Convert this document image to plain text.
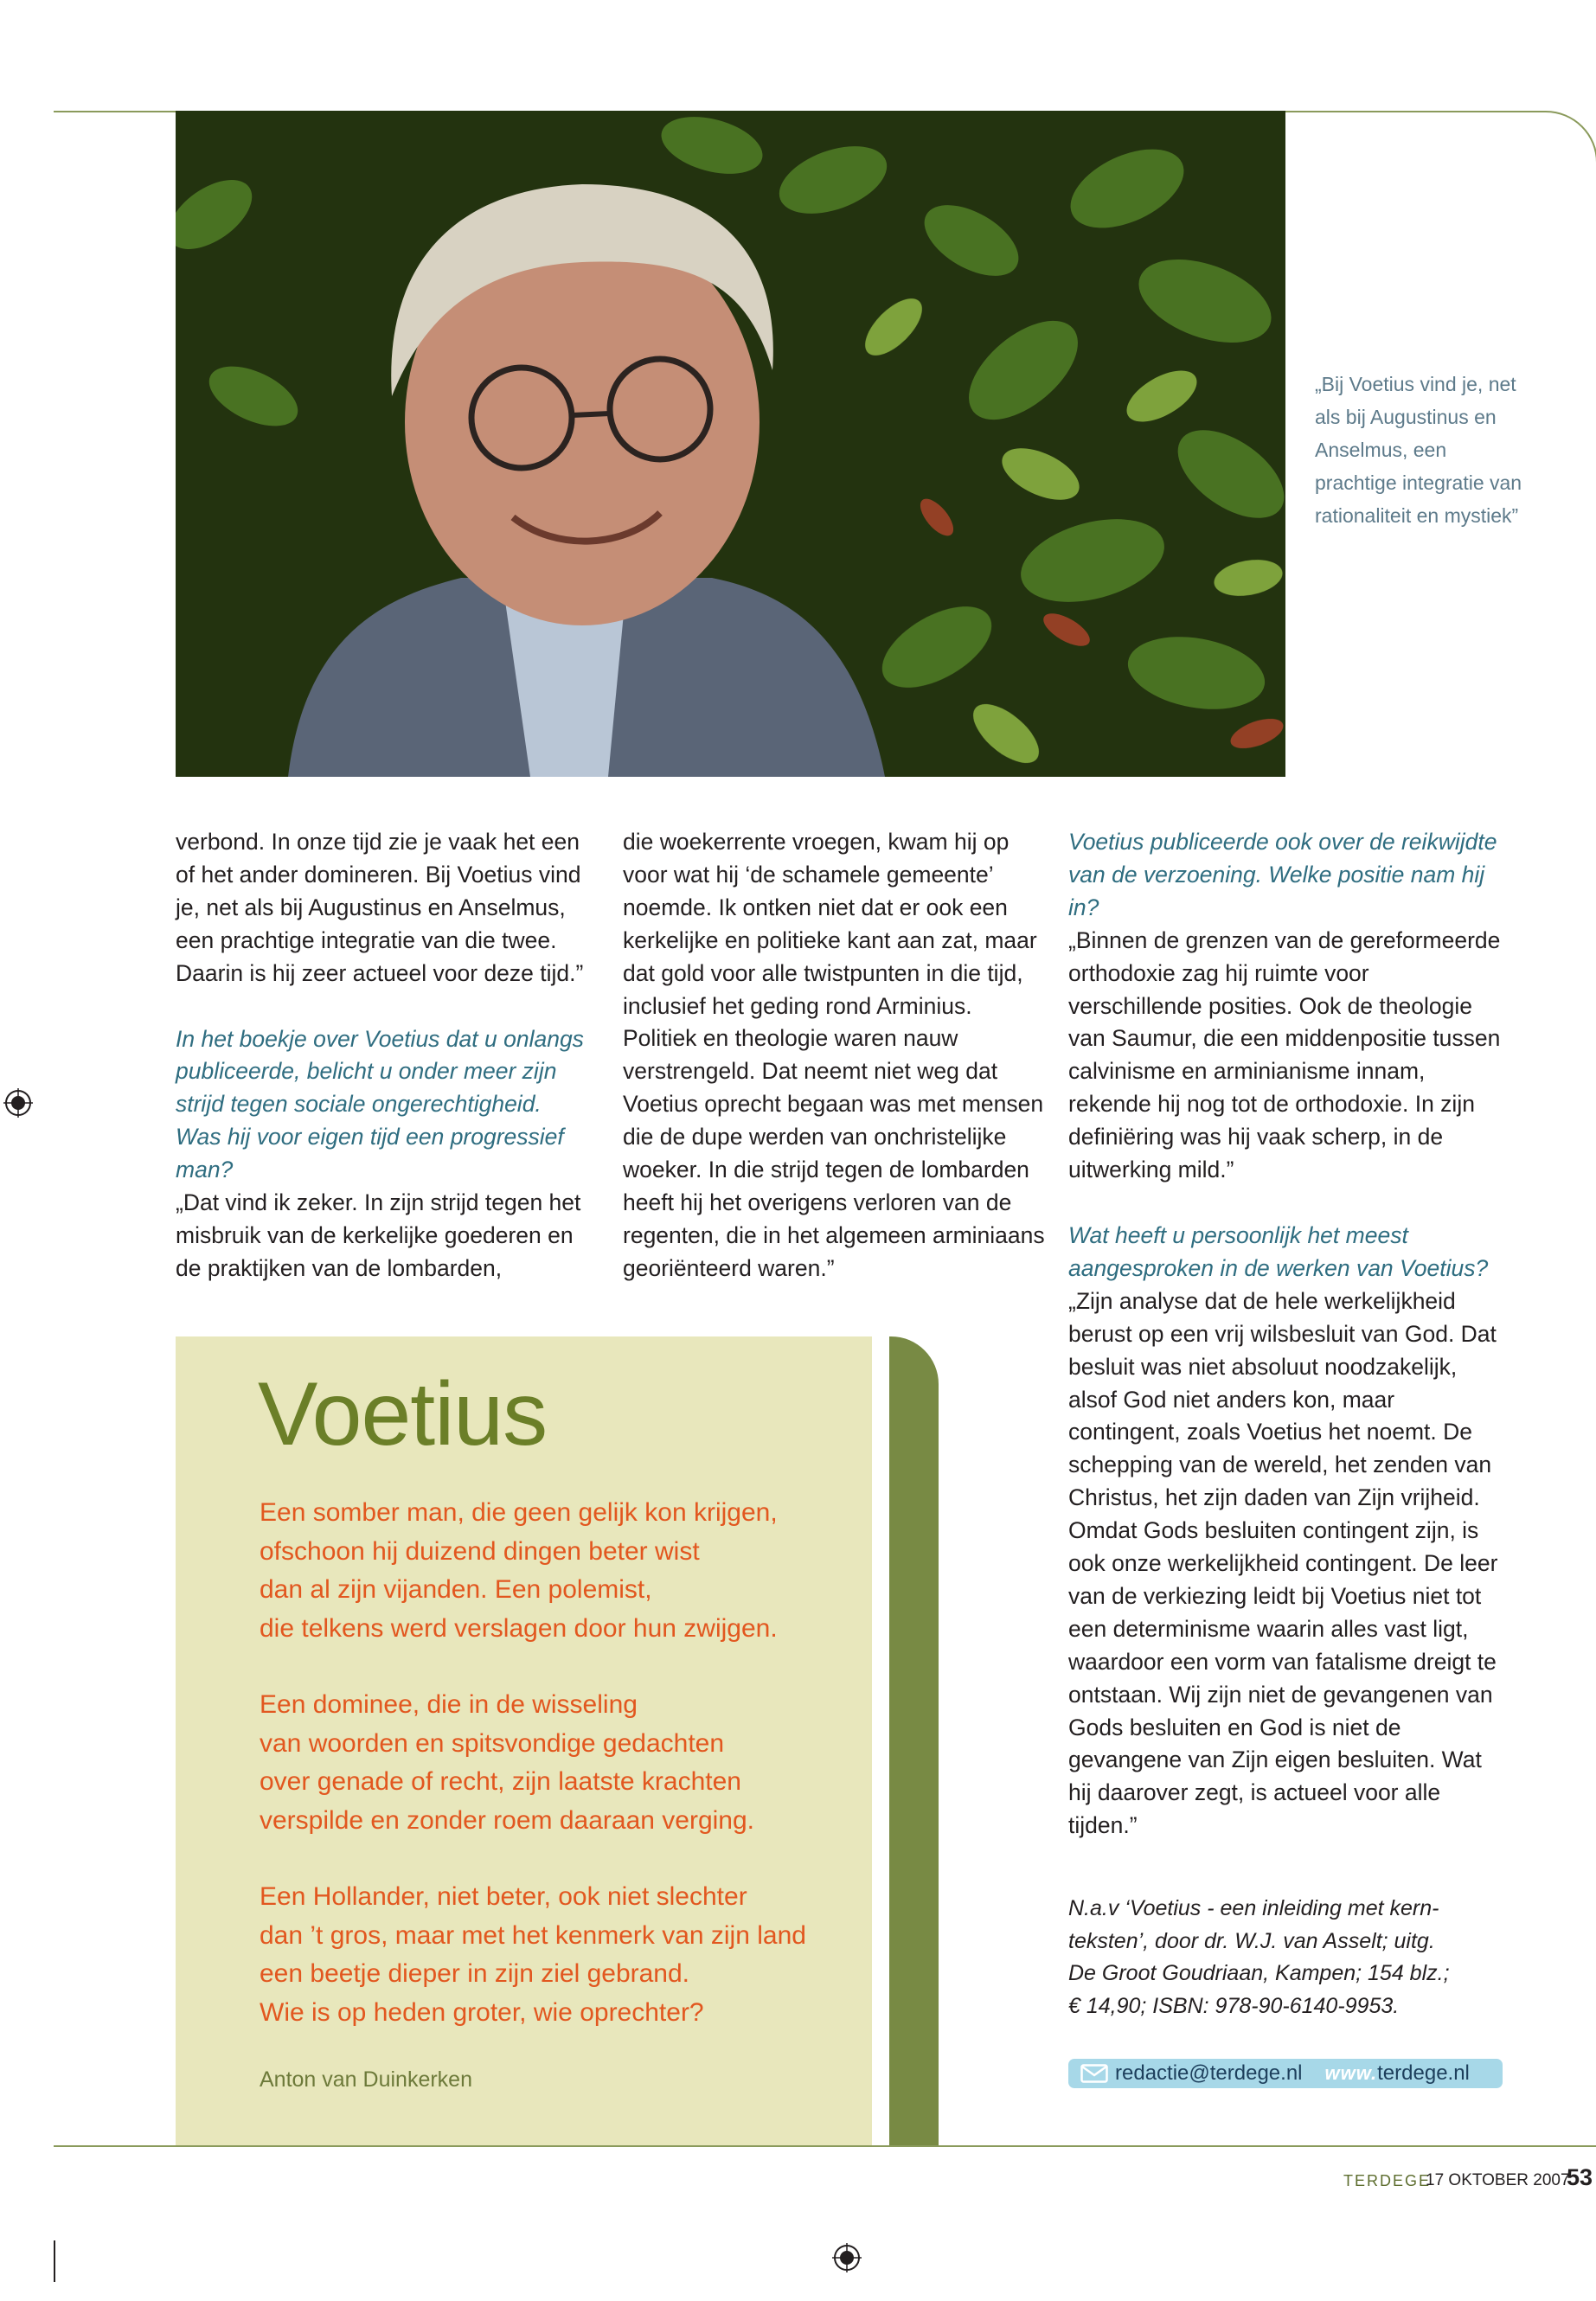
„Bij Voetius vind je, net als bij Augustinus en Anselmus, een prachtige integratie van rationaliteit en mystiek”

verbond. In onze tijd zie je vaak het een of het ander domineren. Bij Voetius vind je, net als bij Augustinus en Anselmus, een prachtige integratie van die twee. Daarin is hij zeer actueel voor deze tijd.”

In het boekje over Voetius dat u onlangs publiceerde, belicht u onder meer zijn strijd tegen sociale ongerechtigheid. Was hij voor eigen tijd een progressief man?

„Dat vind ik zeker. In zijn strijd tegen het misbruik van de kerkelijke goederen en de praktijken van de lombarden,

die woekerrente vroegen, kwam hij op voor wat hij ‘de schamele gemeente’ noemde. Ik ontken niet dat er ook een kerkelijke en politieke kant aan zat, maar dat gold voor alle twistpunten in die tijd, inclusief het geding rond Arminius. Politiek en theologie waren nauw verstrengeld. Dat neemt niet weg dat Voetius oprecht begaan was met mensen die de dupe werden van onchristelijke woeker. In die strijd tegen de lombarden heeft hij het overigens verloren van de regenten, die in het algemeen arminiaans georiënteerd waren.”

Voetius publiceerde ook over de reikwijdte van de verzoening. Welke positie nam hij in?

„Binnen de grenzen van de gereformeerde orthodoxie zag hij ruimte voor verschillende posities. Ook de theologie van Saumur, die een middenpositie tussen calvinisme en arminianisme innam, rekende hij nog tot de orthodoxie. In zijn definiëring was hij vaak scherp, in de uitwerking mild.”

Wat heeft u persoonlijk het meest aangesproken in de werken van Voetius?

„Zijn analyse dat de hele werkelijkheid berust op een vrij wilsbesluit van God. Dat besluit was niet absoluut noodzakelijk, alsof God niet anders kon, maar contingent, zoals Voetius het noemt. De schepping van de wereld, het zenden van Christus, het zijn daden van Zijn vrijheid. Omdat Gods besluiten contingent zijn, is ook onze werkelijkheid contingent. De leer van de verkiezing leidt bij Voetius niet tot een determinisme waarin alles vast ligt, waardoor een vorm van fatalisme dreigt te ontstaan. Wij zijn niet de gevangenen van Gods besluiten en God is niet de gevangene van Zijn eigen besluiten. Wat hij daarover zegt, is actueel voor alle tijden.”

Voetius

Een somber man, die geen gelijk kon krijgen,

ofschoon hij duizend dingen beter wist

dan al zijn vijanden. Een polemist,

die telkens werd verslagen door hun zwijgen.

Een dominee, die in de wisseling

van woorden en spitsvondige gedachten

over genade of recht, zijn laatste krachten

verspilde en zonder roem daaraan verging.

Een Hollander, niet beter, ook niet slechter

dan ’t gros, maar met het kenmerk van zijn land

een beetje dieper in zijn ziel gebrand.

Wie is op heden groter, wie oprechter?

Anton van Duinkerken

N.a.v ‘Voetius - een inleiding met kern-

teksten’, door dr. W.J. van Asselt; uitg.

De Groot Goudriaan, Kampen; 154 blz.;

€ 14,90; ISBN: 978-90-6140-9953.

redactie@terdege.nl www. terdege.nl
TERDEGE
17 OKTOBER 2007
53
